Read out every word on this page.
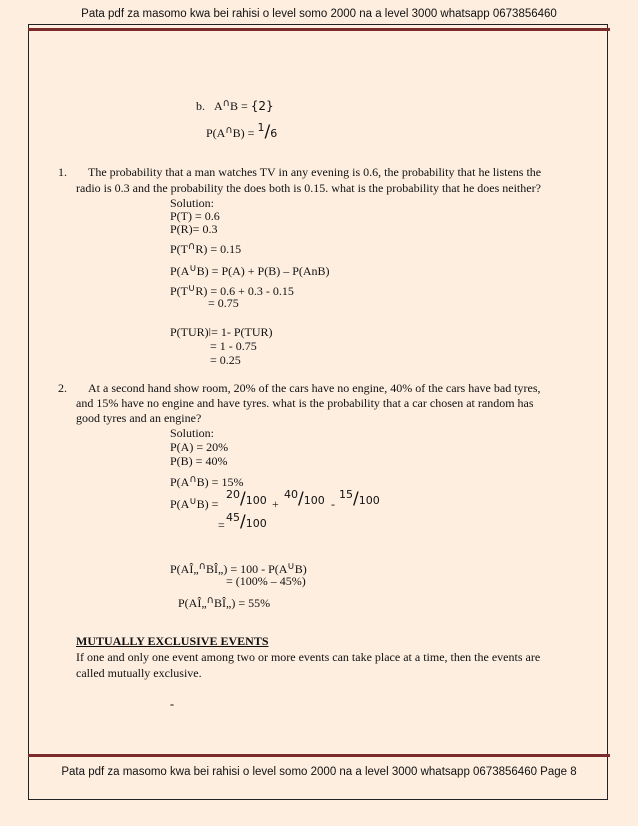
Pata pdf za masomo kwa bei rahisi o level somo 2000 na a level 3000 whatsapp 0673856460
b. A∩B = {2}
P(A∩B) = 1/6
1. The probability that a man watches TV in any evening is 0.6, the probability that he listens the
radio is 0.3 and the probability the does both is 0.15. what is the probability that he does neither?
Solution:
P(T) = 0.6
P(R)= 0.3
P(T∩R) = 0.15
P(A∪B) = P(A) + P(B) – P(AnB)
P(T∪R) = 0.6 + 0.3 - 0.15
= 0.75
P(TUR)ǀ= 1- P(TUR)
= 1 - 0.75
= 0.25
2. At a second hand show room, 20% of the cars have no engine, 40% of the cars have bad tyres,
and 15% have no engine and have tyres. what is the probability that a car chosen at random has
good tyres and an engine?
Solution:
P(A) = 20%
P(B) = 40%
P(A∩B) = 15%
P(A∪B) =
20/100 +
40/100 -
15/100
=
45/100
P(AÎ„∩BÎ„) = 100 - P(A∪B)
= (100% – 45%)
P(AÎ„∩BÎ„) = 55%
MUTUALLY EXCLUSIVE EVENTS
If one and only one event among two or more events can take place at a time, then the events are
called mutually exclusive.
-
Pata pdf za masomo kwa bei rahisi o level somo 2000 na a level 3000 whatsapp 0673856460 Page 8
